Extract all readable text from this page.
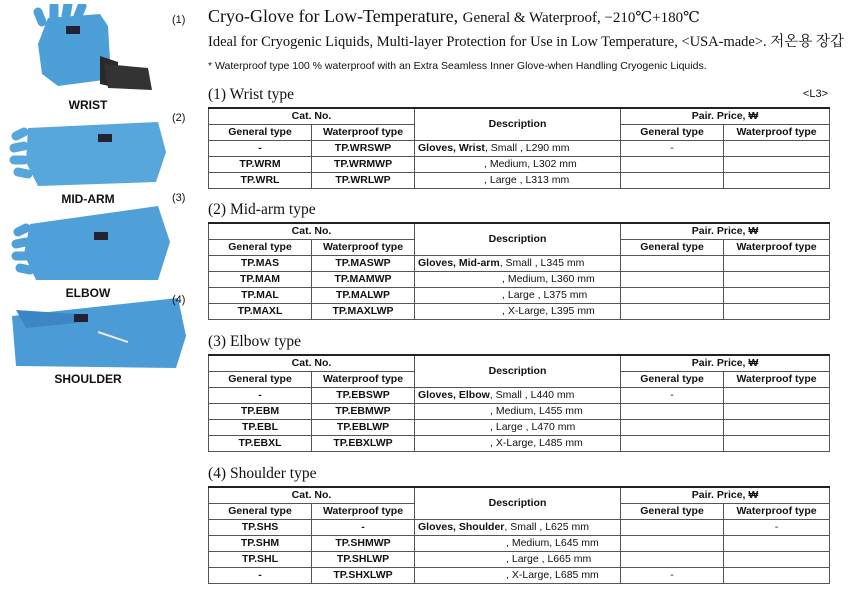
Cryo-Glove for Low-Temperature, General & Waterproof, −210℃+180℃
Ideal for Cryogenic Liquids, Multi-layer Protection for Use in Low Temperature, <USA-made>. 저온용 장갑
* Waterproof type 100 % waterproof with an Extra Seamless Inner Glove-when Handling Cryogenic Liquids.
<L3>
(1)
WRIST
(2)
MID-ARM	(3)
ELBOW	(4)
SHOULDER
(1) Wrist type
Cat. No.		Description	Pair. Price, ₩	
General type	Waterproof type		General type	Waterproof type
-	TP.WRSWP	Gloves, Wrist, Small , L290 mm	-	
TP.WRM	TP.WRMWP	, Medium, L302 mm		
TP.WRL	TP.WRLWP	, Large , L313 mm		
(2) Mid-arm type
Cat. No.		Description	Pair. Price, ₩	
General type	Waterproof type		General type	Waterproof type
TP.MAS	TP.MASWP	Gloves, Mid-arm, Small , L345 mm		
TP.MAM	TP.MAMWP	, Medium, L360 mm		
TP.MAL	TP.MALWP	, Large , L375 mm		
TP.MAXL	TP.MAXLWP	, X-Large, L395 mm		
(3) Elbow type
Cat. No.		Description	Pair. Price, ₩	
General type	Waterproof type		General type	Waterproof type
-	TP.EBSWP	Gloves, Elbow, Small , L440 mm	-	
TP.EBM	TP.EBMWP	, Medium, L455 mm		
TP.EBL	TP.EBLWP	, Large , L470 mm		
TP.EBXL	TP.EBXLWP	, X-Large, L485 mm		
(4) Shoulder type
Cat. No.		Description	Pair. Price, ₩	
General type	Waterproof type		General type	Waterproof type
TP.SHS	-	Gloves, Shoulder, Small , L625 mm		-
TP.SHM	TP.SHMWP	, Medium, L645 mm		
TP.SHL	TP.SHLWP	, Large , L665 mm		
-	TP.SHXLWP	, X-Large, L685 mm	-	
